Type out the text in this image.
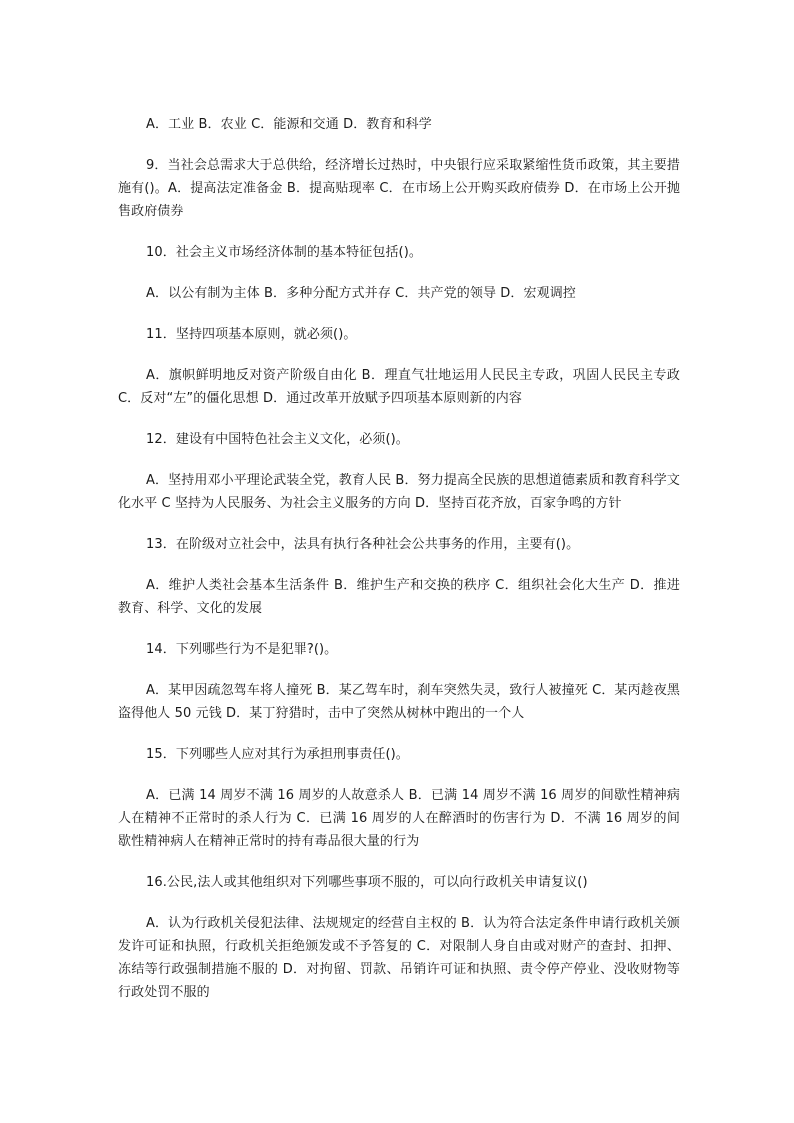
A．工业 B．农业 C．能源和交通 D．教育和科学

9．当社会总需求大于总供给，经济增长过热时，中央银行应采取紧缩性货币政策，其主要措施有()。A．提高法定准备金 B．提高贴现率 C．在市场上公开购买政府债券 D．在市场上公开抛售政府债券

10．社会主义市场经济体制的基本特征包括()。

A．以公有制为主体 B．多种分配方式并存 C．共产党的领导 D．宏观调控

11．坚持四项基本原则，就必须()。

A．旗帜鲜明地反对资产阶级自由化 B．理直气壮地运用人民民主专政，巩固人民民主专政 C．反对“左”的僵化思想 D．通过改革开放赋予四项基本原则新的内容

12．建设有中国特色社会主义文化，必须()。

A．坚持用邓小平理论武装全党，教育人民 B．努力提高全民族的思想道德素质和教育科学文化水平 C 坚持为人民服务、为社会主义服务的方向 D．坚持百花齐放，百家争鸣的方针

13．在阶级对立社会中，法具有执行各种社会公共事务的作用，主要有()。

A．维护人类社会基本生活条件 B．维护生产和交换的秩序 C．组织社会化大生产 D．推进教育、科学、文化的发展

14．下列哪些行为不是犯罪?()。

A．某甲因疏忽驾车将人撞死 B．某乙驾车时，刹车突然失灵，致行人被撞死 C．某丙趁夜黑盗得他人 50 元钱 D．某丁狩猎时，击中了突然从树林中跑出的一个人

15．下列哪些人应对其行为承担刑事责任()。

A．已满 14 周岁不满 16 周岁的人故意杀人 B．已满 14 周岁不满 16 周岁的间歇性精神病人在精神不正常时的杀人行为 C．已满 16 周岁的人在醉酒时的伤害行为 D．不满 16 周岁的间歇性精神病人在精神正常时的持有毒品很大量的行为

16.公民,法人或其他组织对下列哪些事项不服的，可以向行政机关申请复议()

A．认为行政机关侵犯法律、法规规定的经营自主权的 B．认为符合法定条件申请行政机关颁发许可证和执照，行政机关拒绝颁发或不予答复的 C．对限制人身自由或对财产的查封、扣押、冻结等行政强制措施不服的 D．对拘留、罚款、吊销许可证和执照、责令停产停业、没收财物等行政处罚不服的
